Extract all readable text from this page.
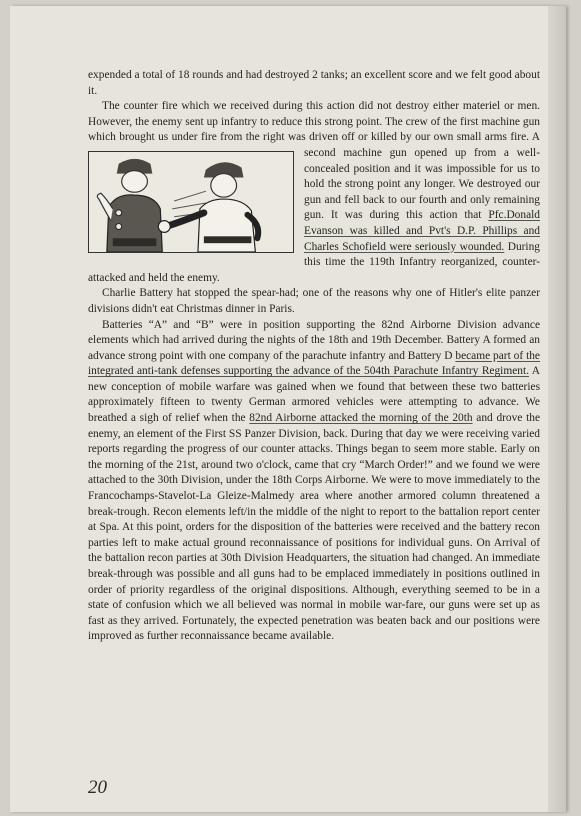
expended a total of 18 rounds and had destroyed 2 tanks; an excellent score and we felt good about it.

The counter fire which we received during this action did not destroy either materiel or men. However, the enemy sent up infantry to reduce this strong point. The crew of the first machine gun which brought us under fire from the right was driven off or killed by our own small arms fire. A second machine gun opened up
from a well-concealed position and it was impossible for us to hold the strong point any longer. We destroyed our gun and fell back to our fourth and only remaining gun. It was during this action that Pfc.Donald Evanson was killed and Pvt's D.P. Phillips and Charles Schofield were seriously wounded. During this time the 119th Infantry reorganized, counter-attacked and held the enemy.

Charlie Battery hat stopped the spear-had; one of the reasons why one of Hitler's elite panzer divisions didn't eat Christmas dinner in Paris.

Batteries “A” and “B” were in position supporting the 82nd Airborne Division advance elements which had arrived during the nights of the 18th and 19th December. Battery A formed an advance strong point with one company of the parachute infantry and Battery D became part of the integrated anti-tank defenses supporting the advance of the 504th Parachute Infantry Regiment. A new conception of mobile warfare was gained when we found that between these two batteries approximately fifteen to twenty German armored vehicles were attempting to advance. We breathed a sigh of relief when the 82nd Airborne attacked the morning of the 20th and drove the enemy, an element of the First SS Panzer Division, back. During that day we were receiving varied reports regarding the progress of our counter attacks. Things began to seem more stable. Early on the morning of the 21st, around two o'clock, came that cry “March Order!” and we found we were attached to the 30th Division, under the 18th Corps Airborne. We were to move immediately to the Francochamps-Stavelot-La Gleize-Malmedy area where another armored column threatened a break-trough. Recon elements left/in the middle of the night to report to the battalion report center at Spa. At this point, orders for the disposition of the batteries were received and the battery recon parties left to make actual ground reconnaissance of positions for individual guns. On Arrival of the battalion recon parties at 30th Division Headquarters, the situation had changed. An immediate break-through was possible and all guns had to be emplaced immediately in positions outlined in order of priority regardless of the original dispositions. Although, everything seemed to be in a state of confusion which we all believed was normal in mobile war-fare, our guns were set up as fast as they arrived. Fortunately, the expected penetration was beaten back and our positions were improved as further reconnaissance became available.

20
